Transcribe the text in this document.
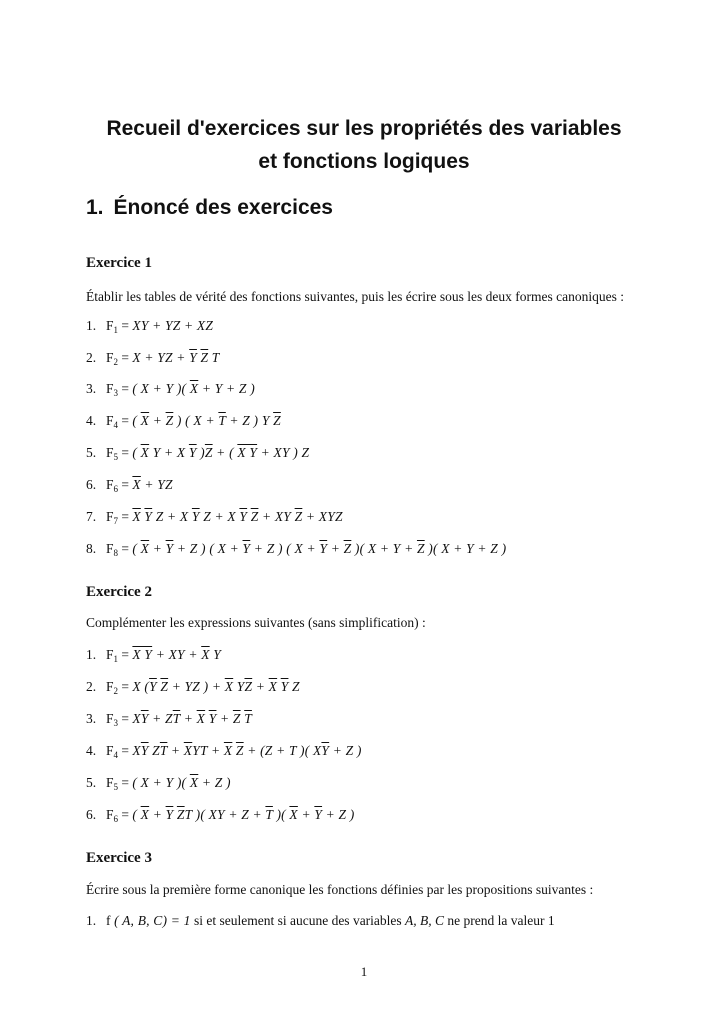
Recueil d'exercices sur les propriétés des variables
et fonctions logiques
1. Énoncé des exercices
Exercice 1
Établir les tables de vérité des fonctions suivantes, puis les écrire sous les deux formes canoniques :
1. $F_1$ = XY + YZ + XZ
2. $F_2 = X$ + YZ + $\overline{Y}$ $\overline{Z}$ T
3. $F_3$ = ( X + Y )( $\overline{X} + Y + Z$ )
4. $F_4$ = ( $\overline{X} + \overline{Z}$ ) ( $X + \overline{T} + Z$ ) Y $\overline{Z}$
5. $F_5$ = ( $\overline{X}$ Y + X $\overline{Y}$ )$\overline{Z}$ + ( X Y + XY ) Z
6. $F_6 = \overline{X}$ + YZ
7. $F_7 = \overline{X}$ $\overline{Y}$ Z + X $\overline{Y}$ Z + X $\overline{Y}$ $\overline{Z}$ + XY $\overline{Z}$ + XYZ
8. $F_8$ = ( $\overline{X} + \overline{Y} + Z$ ) ( $X + \overline{Y} + Z$ ) ( $X + \overline{Y} + \overline{Z}$ )( $X + Y + \overline{Z}$ )( X + Y + Z )
Exercice 2
Complémenter les expressions suivantes (sans simplification) :
1. $F_1 = X$ Y + XY + $\overline{X}$ Y
2. $F_2 = X$ ($\overline{Y}$ $\overline{Z}$ + YZ ) + $\overline{X}$ $Y\overline{Z} + \overline{X}$ $\overline{Y}$ Z
3. $F_3 = X\overline{Y} + Z\overline{T} + \overline{X}$ $\overline{Y} + \overline{Z}$ $\overline{T}$
4. $F_4 = X\overline{Y}$ $Z\overline{T} + \overline{X}YT + \overline{X}$ $\overline{Z} + (Z + T$ )( $X\overline{Y} + Z$ )
5. $F_5$ = ( X + Y )( $\overline{X} + Z$ )
6. $F_6$ = ( $\overline{X} + \overline{Y}$ $\overline{Z}T$ )( XY + $Z + \overline{T}$ )( $\overline{X} + \overline{Y} + Z$ )
Exercice 3
Écrire sous la première forme canonique les fonctions définies par les propositions suivantes :
1. f ( A, B, C) = 1 si et seulement si aucune des variables A, B, C ne prend la valeur 1
1
